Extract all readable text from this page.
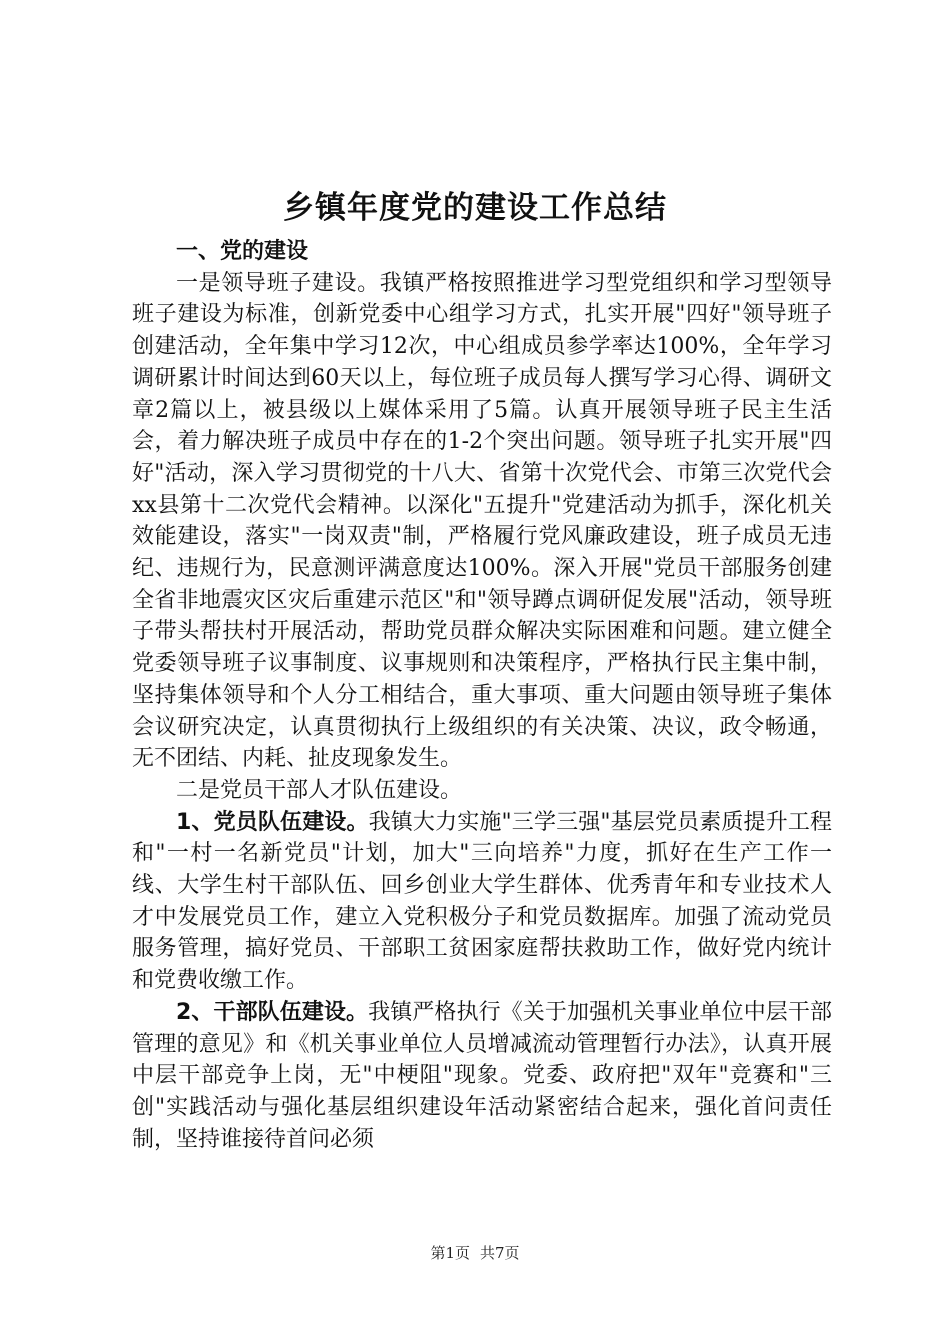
乡镇年度党的建设工作总结

一、党的建设

一是领导班子建设。我镇严格按照推进学习型党组织和学习型领导班子建设为标准，创新党委中心组学习方式，扎实开展"四好"领导班子创建活动，全年集中学习12次，中心组成员参学率达100%，全年学习调研累计时间达到60天以上，每位班子成员每人撰写学习心得、调研文章2篇以上，被县级以上媒体采用了5篇。认真开展领导班子民主生活会，着力解决班子成员中存在的1-2个突出问题。领导班子扎实开展"四好"活动，深入学习贯彻党的十八大、省第十次党代会、市第三次党代会xx县第十二次党代会精神。以深化"五提升"党建活动为抓手，深化机关效能建设，落实"一岗双责"制，严格履行党风廉政建设，班子成员无违纪、违规行为，民意测评满意度达100%。深入开展"党员干部服务创建全省非地震灾区灾后重建示范区"和"领导蹲点调研促发展"活动，领导班子带头帮扶村开展活动，帮助党员群众解决实际困难和问题。建立健全党委领导班子议事制度、议事规则和决策程序，严格执行民主集中制，坚持集体领导和个人分工相结合，重大事项、重大问题由领导班子集体会议研究决定，认真贯彻执行上级组织的有关决策、决议，政令畅通，无不团结、内耗、扯皮现象发生。

二是党员干部人才队伍建设。

1、党员队伍建设。我镇大力实施"三学三强"基层党员素质提升工程和"一村一名新党员"计划，加大"三向培养"力度，抓好在生产工作一线、大学生村干部队伍、回乡创业大学生群体、优秀青年和专业技术人才中发展党员工作，建立入党积极分子和党员数据库。加强了流动党员服务管理，搞好党员、干部职工贫困家庭帮扶救助工作，做好党内统计和党费收缴工作。

2、干部队伍建设。我镇严格执行《关于加强机关事业单位中层干部管理的意见》和《机关事业单位人员增减流动管理暂行办法》，认真开展中层干部竞争上岗，无"中梗阻"现象。党委、政府把"双年"竞赛和"三创"实践活动与强化基层组织建设年活动紧密结合起来，强化首问责任制，坚持谁接待首问必须

第1页 共7页
